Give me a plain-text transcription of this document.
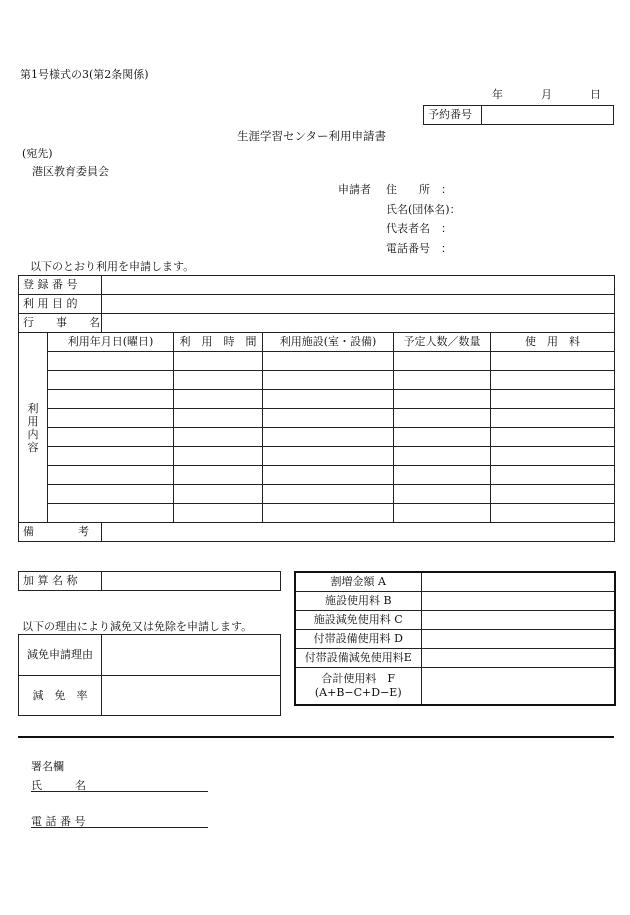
第1号様式の3(第2条関係)
年	月	日
予約番号	
生涯学習センター利用申請書
(宛先)
港区教育委員会
申請者 住　　所　：
氏名(団体名)：
代表者名　：
電話番号　：
以下のとおり利用を申請します。
登 録 番 号						
利 用 目 的						
行　　事　　名						
利用内容	利用年月日(曜日)		利　用　時　間	利用施設(室・設備)	予定人数／数量	使　用　料

備　　　　考						
加 算 名 称	
以下の理由により減免又は免除を申請します。
減免申請理由	
減　免　率	
割増金額 A	
施設使用料 B	
施設減免使用料 C	
付帯設備使用料 D	
付帯設備減免使用料E	

合計使用料　F
(A+B−C+D−E)	

署名欄
氏　　　名
電 話 番 号
